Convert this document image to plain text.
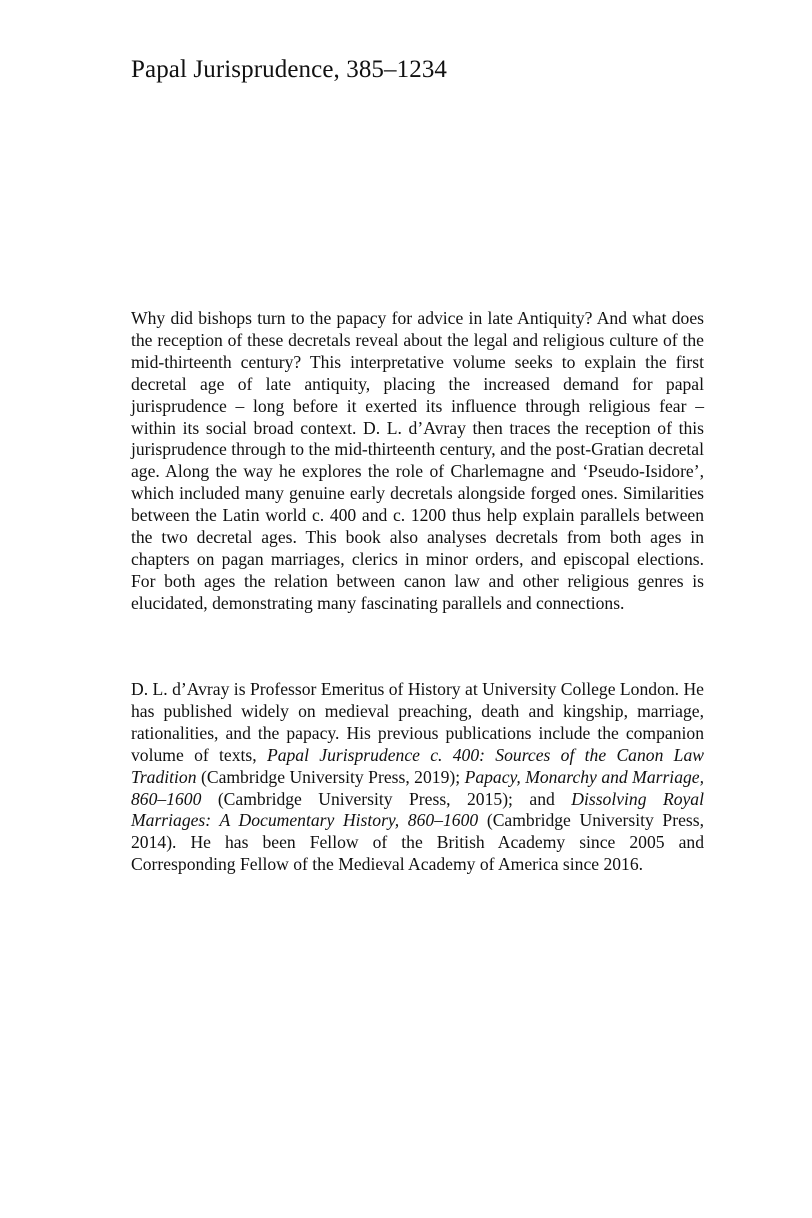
Papal Jurisprudence, 385–1234

Why did bishops turn to the papacy for advice in late Antiquity? And what does the reception of these decretals reveal about the legal and religious culture of the mid-thirteenth century? This interpretative volume seeks to explain the first decretal age of late antiquity, placing the increased demand for papal jurisprudence – long before it exerted its influence through religious fear – within its social broad context. D. L. d’Avray then traces the reception of this jurisprudence through to the mid-thirteenth century, and the post-Gratian decretal age. Along the way he explores the role of Charlemagne and ‘Pseudo-Isidore’, which included many genuine early decretals alongside forged ones. Similarities between the Latin world c. 400 and c. 1200 thus help explain parallels between the two decretal ages. This book also analyses decretals from both ages in chapters on pagan marriages, clerics in minor orders, and episcopal elections. For both ages the relation between canon law and other religious genres is elucidated, demonstrating many fascinating parallels and connections.

D. L. d’Avray is Professor Emeritus of History at University College London. He has published widely on medieval preaching, death and kingship, marriage, rationalities, and the papacy. His previous publications include the companion volume of texts, Papal Jurisprudence c. 400: Sources of the Canon Law Tradition (Cambridge University Press, 2019); Papacy, Monarchy and Marriage, 860–1600 (Cambridge University Press, 2015); and Dissolving Royal Marriages: A Documentary History, 860–1600 (Cambridge University Press, 2014). He has been Fellow of the British Academy since 2005 and Corresponding Fellow of the Medieval Academy of America since 2016.
